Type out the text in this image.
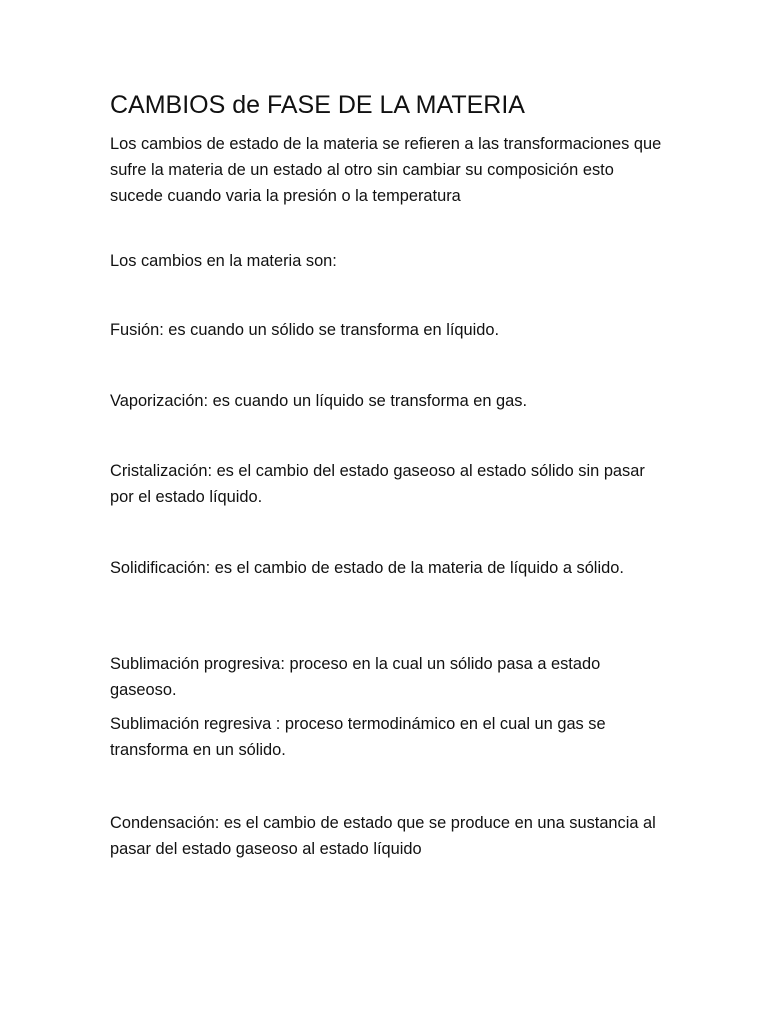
CAMBIOS de FASE DE LA MATERIA

Los cambios de estado de la materia se refieren a las transformaciones que sufre la materia de un estado al otro sin cambiar su composición esto sucede cuando varia la presión o la temperatura

Los cambios en la materia son:

Fusión: es cuando un sólido se transforma en líquido.

Vaporización: es cuando un líquido se transforma en gas.

Cristalización: es el cambio del estado gaseoso al estado sólido sin pasar por el estado líquido.

Solidificación: es el cambio de estado de la materia de líquido a sólido.

Sublimación progresiva: proceso en la cual un sólido pasa a estado gaseoso.

Sublimación regresiva : proceso termodinámico en el cual un gas se transforma en un sólido.

Condensación: es el cambio de estado que se produce en una sustancia al pasar del estado gaseoso al estado líquido
